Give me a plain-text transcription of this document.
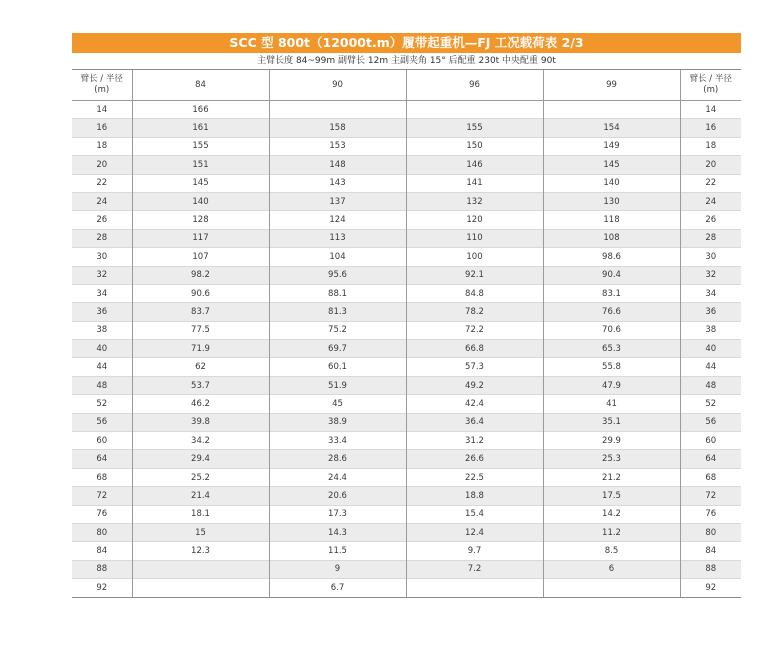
SCC 型 800t（12000t.m）履带起重机—FJ 工况载荷表 2/3
主臂长度 84~99m 副臂长 12m 主副夹角 15° 后配重 230t 中央配重 90t
臂长 / 半径
(m)	84	90	96	99	臂长 / 半径
(m)
14	166				14
16	161	158	155	154	16
18	155	153	150	149	18
20	151	148	146	145	20
22	145	143	141	140	22
24	140	137	132	130	24
26	128	124	120	118	26
28	117	113	110	108	28
30	107	104	100	98.6	30
32	98.2	95.6	92.1	90.4	32
34	90.6	88.1	84.8	83.1	34
36	83.7	81.3	78.2	76.6	36
38	77.5	75.2	72.2	70.6	38
40	71.9	69.7	66.8	65.3	40
44	62	60.1	57.3	55.8	44
48	53.7	51.9	49.2	47.9	48
52	46.2	45	42.4	41	52
56	39.8	38.9	36.4	35.1	56
60	34.2	33.4	31.2	29.9	60
64	29.4	28.6	26.6	25.3	64
68	25.2	24.4	22.5	21.2	68
72	21.4	20.6	18.8	17.5	72
76	18.1	17.3	15.4	14.2	76
80	15	14.3	12.4	11.2	80
84	12.3	11.5	9.7	8.5	84
88		9	7.2	6	88
92		6.7			92
